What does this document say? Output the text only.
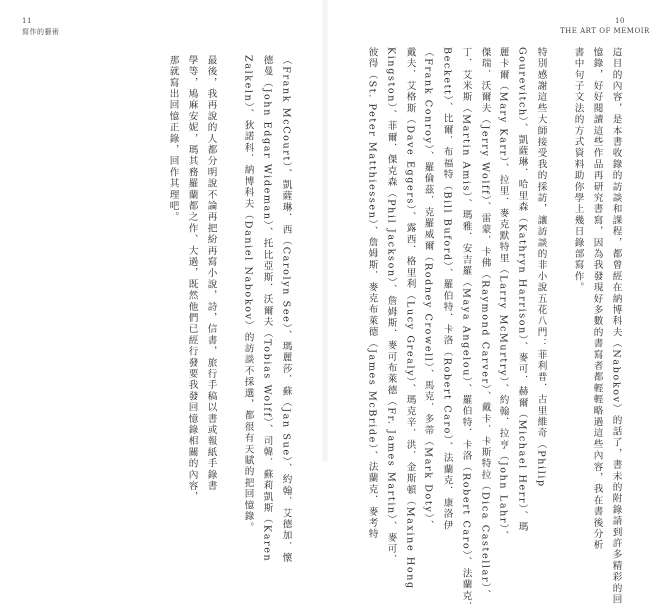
11
寫作的藝術
（Frank McCourt）、凱薩琳．西（Carolyn See）、瑪麗莎．蘇（Jan Sue）、約翰．艾德加．懷
德曼（John Edgar Wideman）、托比亞斯．沃爾夫（Tobias Wolff）、司韓．蘇莉凱斯（Karen
Zalkeln）、狄諾科．納博科夫（Daniel Nabokov）的訪談不採選，都很有天賦的把回憶錄。
最後，我再說的人都分明說不論再把紛再寫小說，詩，信書，旅行手稿以書或報紙手錄書
學等，鳩麻安妮，瑪其務羅蘭都之作、大過，既然他們已經行發要我發回憶錄相關的內容，
那就寫出回憶正錄，回作其理吧。
10
THE ART OF MEMOIR
這目的內容，是本書收錄的訪談和課程，都曾經在納博科夫（Nabokov）的話了，書未的附錄請到許多精彩的回
憶錄，好好閱讀這些作品再研究書寫，因為我發現好多數的書寫者都輕輕略過這些內容，我在書後分析
書中句子文法的方式資料助你學上幾日錄部寫作。
特別感謝這些大師接受我的採訪，讓訪談的非小說五花八門：菲利普．古里維奇（Philip
Gourevitch）、凱薩琳．哈里森（Kathryn Harrison）、麥可．赫爾（Michael Herr）、瑪
麗卡爾（Mary Karr）、拉里．麥克默特里（Larry McMurtry）、約翰．拉亨（John Lahr）、
傑瑞．沃爾夫（Jerry Wolff）、雷蒙．卡佛（Raymond Carver）、戴卡．卡斯特拉（Dica Castellar）、
丁．艾米斯（Martin Amis）、瑪雅．安吉羅（Maya Angelou）、羅伯特．卡洛（Robert Caro）、法蘭克．
Beckett）、比爾．布福特（Bill Buford）、羅伯特．卡洛（Robert Caro）、法蘭克．康洛伊
（Frank Conroy）、羅倫茲．克羅威爾（Rodney Crowell）、馬克．多蒂（Mark Doty）、
戴夫．艾格斯（Dave Eggers）、露西．格里利（Lucy Grealy）、瑪克辛．洪．金斯頓（Maxine Hong
Kingston）、菲爾．傑克森（Phil Jackson）、詹姆斯．麥可布萊德（Fr. James Martin）、麥可．
彼得（St. Peter Matthiessen）、詹姆斯．麥克布萊德（James McBride）、法蘭克．麥考特
